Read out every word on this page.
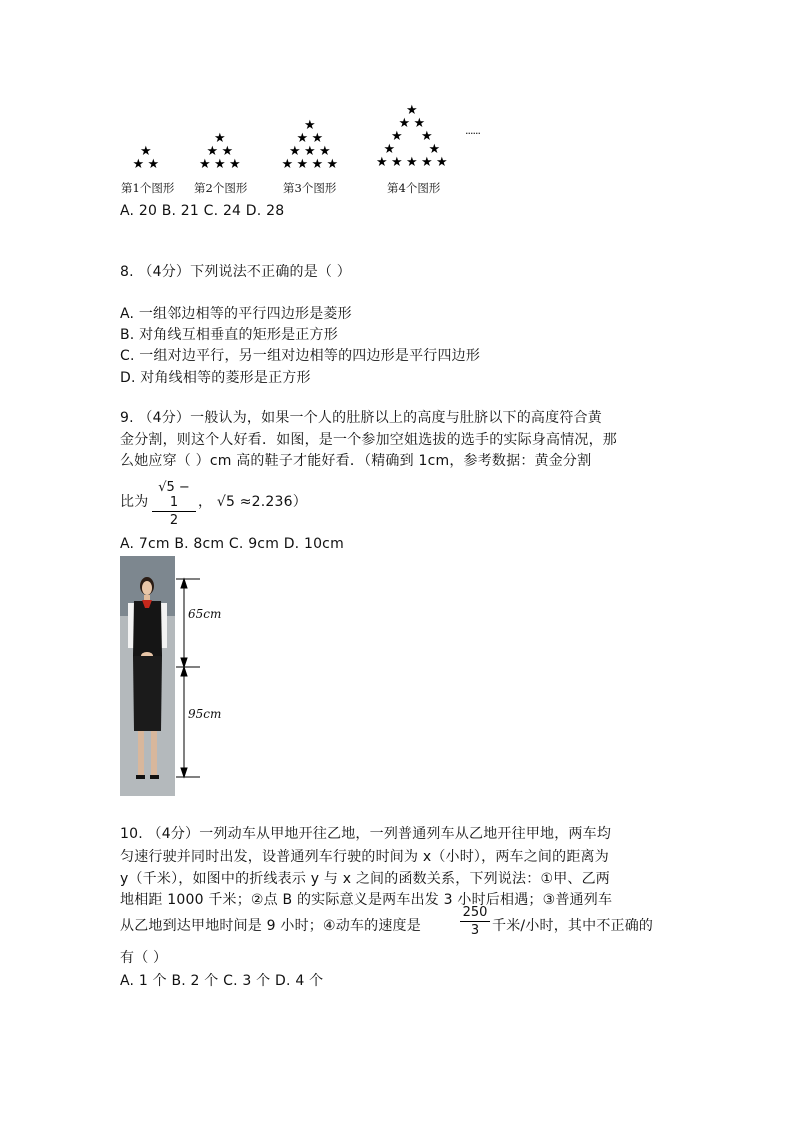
★
★ ★
★
★ ★
★ ★ ★
★
★ ★
★ ★ ★
★ ★ ★ ★
★
★ ★
★ ★
★	★
★ ★ ★ ★ ★
第1个图形 第2个图形	第3个图形	第4个图形
......
A. 20 B. 21 C. 24 D. 28
8. （4分）下列说法不正确的是（ ）
A. 一组邻边相等的平行四边形是菱形
B. 对角线互相垂直的矩形是正方形
C. 一组对边平行，另一组对边相等的四边形是平行四边形
D. 对角线相等的菱形是正方形
9. （4分）一般认为，如果一个人的肚脐以上的高度与肚脐以下的高度符合黄
金分割，则这个人好看．如图，是一个参加空姐选拔的选手的实际身高情况，那
么她应穿（ ）cm 高的鞋子才能好看．（精确到 1cm，参考数据：黄金分割
比为
√5 − 1
2
， √5 ≈2.236）
A. 7cm B. 8cm C. 9cm D. 10cm
65cm
95cm
10. （4分）一列动车从甲地开往乙地，一列普通列车从乙地开往甲地，两车均
匀速行驶并同时出发，设普通列车行驶的时间为 x（小时），两车之间的距离为
y（千米），如图中的折线表示 y 与 x 之间的函数关系，下列说法：①甲、乙两
地相距 1000 千米；②点 B 的实际意义是两车出发 3 小时后相遇；③普通列车
从乙地到达甲地时间是 9 小时；④动车的速度是
250
3 千米/小时，其中不正确的
有（ ）
A. 1 个 B. 2 个 C. 3 个 D. 4 个
